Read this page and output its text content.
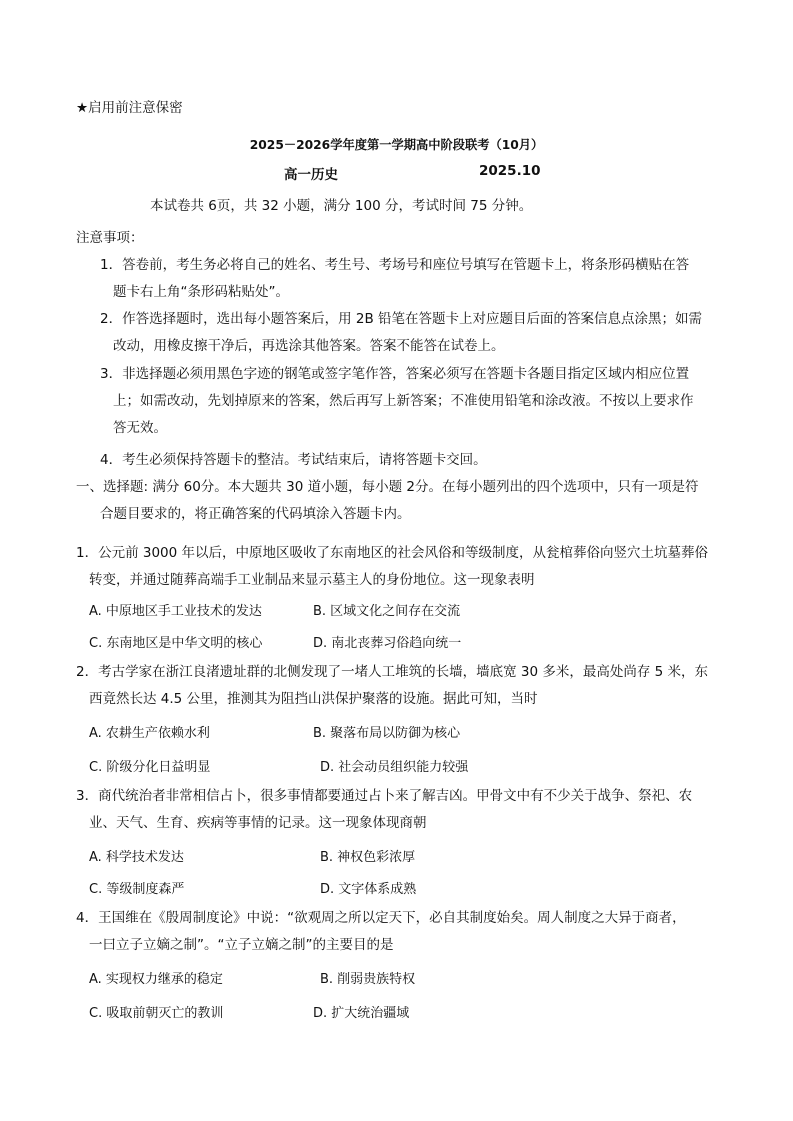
★启用前注意保密
2025－2026学年度第一学期高中阶段联考（10月）
高一历史	2025.10
本试卷共 6页，共 32 小题，满分 100 分，考试时间 75 分钟。
注意事项：
1．答卷前，考生务必将自己的姓名、考生号、考场号和座位号填写在管题卡上，将条形码横贴在答
题卡右上角“条形码粘贴处”。
2．作答选择题时，选出每小题答案后，用 2B 铅笔在答题卡上对应题目后面的答案信息点涂黑；如需
改动，用橡皮擦干净后，再选涂其他答案。答案不能答在试卷上。
3．非选择题必须用黑色字迹的钢笔或签字笔作答，答案必须写在答题卡各题目指定区域内相应位置
上；如需改动，先划掉原来的答案，然后再写上新答案；不准使用铅笔和涂改液。不按以上要求作
答无效。
4．考生必须保持答题卡的整洁。考试结束后，请将答题卡交回。
一、选择题: 满分 60分。本大题共 30 道小题，每小题 2分。在每小题列出的四个选项中，只有一项是符
合题目要求的，将正确答案的代码填涂入答题卡内。
1．公元前 3000 年以后，中原地区吸收了东南地区的社会风俗和等级制度，从瓮棺葬俗向竖穴土坑墓葬俗
转变，并通过随葬高端手工业制品来显示墓主人的身份地位。这一现象表明
A. 中原地区手工业技术的发达	B. 区域文化之间存在交流
C. 东南地区是中华文明的核心	D. 南北丧葬习俗趋向统一
2．考古学家在浙江良渚遗址群的北侧发现了一堵人工堆筑的长墙，墙底宽 30 多米，最高处尚存 5 米，东
西竟然长达 4.5 公里，推测其为阻挡山洪保护聚落的设施。据此可知，当时
A. 农耕生产依赖水利	B. 聚落布局以防御为核心
C. 阶级分化日益明显	D. 社会动员组织能力较强
3．商代统治者非常相信占卜，很多事情都要通过占卜来了解吉凶。甲骨文中有不少关于战争、祭祀、农
业、天气、生育、疾病等事情的记录。这一现象体现商朝
A. 科学技术发达	B. 神权色彩浓厚
C. 等级制度森严	D. 文字体系成熟
4．王国维在《殷周制度论》中说：“欲观周之所以定天下，必自其制度始矣。周人制度之大异于商者，
一曰立子立嫡之制”。“立子立嫡之制”的主要目的是
A. 实现权力继承的稳定	B. 削弱贵族特权
C. 吸取前朝灭亡的教训	D. 扩大统治疆域
